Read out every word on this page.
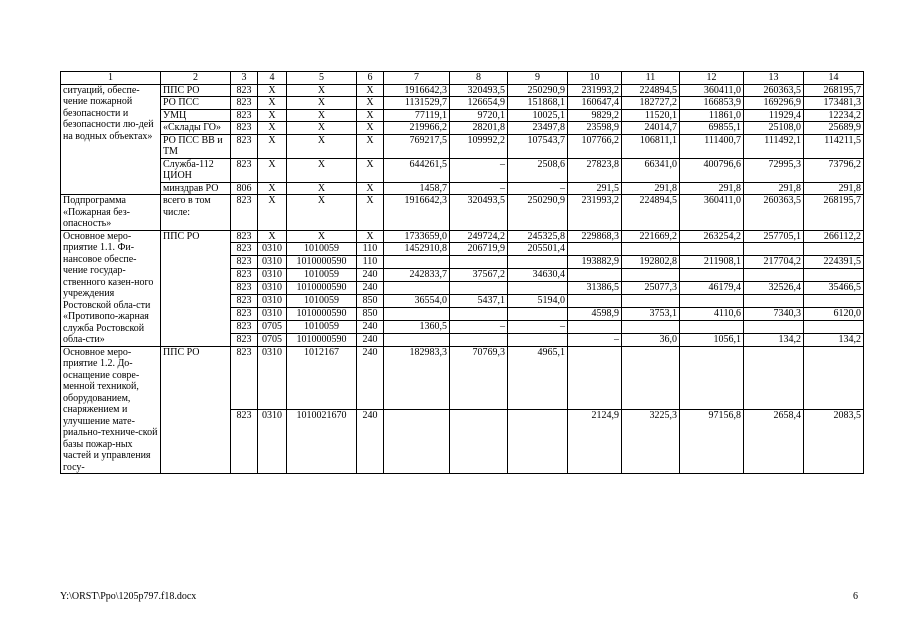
1	2	3	4	5	6	7	8	9	10	11	12	13	14
ситуаций, обеспе-чение пожарной безопасности и безопасности лю-дей на водных объектах»	ППС РО	823	Х	Х	Х	1916642,3	320493,5	250290,9	231993,2	224894,5	360411,0	260363,5	268195,7
	РО ПСС	823	Х	Х	Х	1131529,7	126654,9	151868,1	160647,4	182727,2	166853,9	169296,9	173481,3
	УМЦ	823	Х	Х	Х	77119,1	9720,1	10025,1	9829,2	11520,1	11861,0	11929,4	12234,2
	«Склады ГО»	823	Х	Х	Х	219966,2	28201,8	23497,8	23598,9	24014,7	69855,1	25108,0	25689,9
	РО ПСС ВВ и ТМ	823	Х	Х	Х	769217,5	109992,2	107543,7	107766,2	106811,1	111400,7	111492,1	114211,5
	Служба-112 ЦИОН	823	Х	Х	Х	644261,5	–	2508,6	27823,8	66341,0	400796,6	72995,3	73796,2
	минздрав РО	806	Х	Х	Х	1458,7	–	–	291,5	291,8	291,8	291,8	291,8
Подпрограмма «Пожарная без-опасность»	всего в том числе:	823	Х	Х	Х	1916642,3	320493,5	250290,9	231993,2	224894,5	360411,0	260363,5	268195,7
Основное меро-приятие 1.1. Фи-нансовое обеспе-чение государ-ственного казен-ного учреждения Ростовской обла-сти «Противопо-жарная служба Ростовской обла-сти»	ППС РО	823	Х	Х	Х	1733659,0	249724,2	245325,8	229868,3	221669,2	263254,2	257705,1	266112,2
		823	0310	1010059	110	1452910,8	206719,9	205501,4					
		823	0310	1010000590	110				193882,9	192802,8	211908,1	217704,2	224391,5
		823	0310	1010059	240	242833,7	37567,2	34630,4					
		823	0310	1010000590	240				31386,5	25077,3	46179,4	32526,4	35466,5
		823	0310	1010059	850	36554,0	5437,1	5194,0					
		823	0310	1010000590	850				4598,9	3753,1	4110,6	7340,3	6120,0
		823	0705	1010059	240	1360,5	–	–					
		823	0705	1010000590	240				–	36,0	1056,1	134,2	134,2
Основное меро-приятие 1.2. До-оснащение совре-менной техникой, оборудованием, снаряжением и улучшение мате-риально-техниче-ской базы пожар-ных частей и управления госу-	ППС РО	823	0310	1012167	240	182983,3	70769,3	4965,1					
		823	0310	1010021670	240				2124,9	3225,3	97156,8	2658,4	2083,5
Y:\ORST\Ppo\1205p797.f18.docx	6
